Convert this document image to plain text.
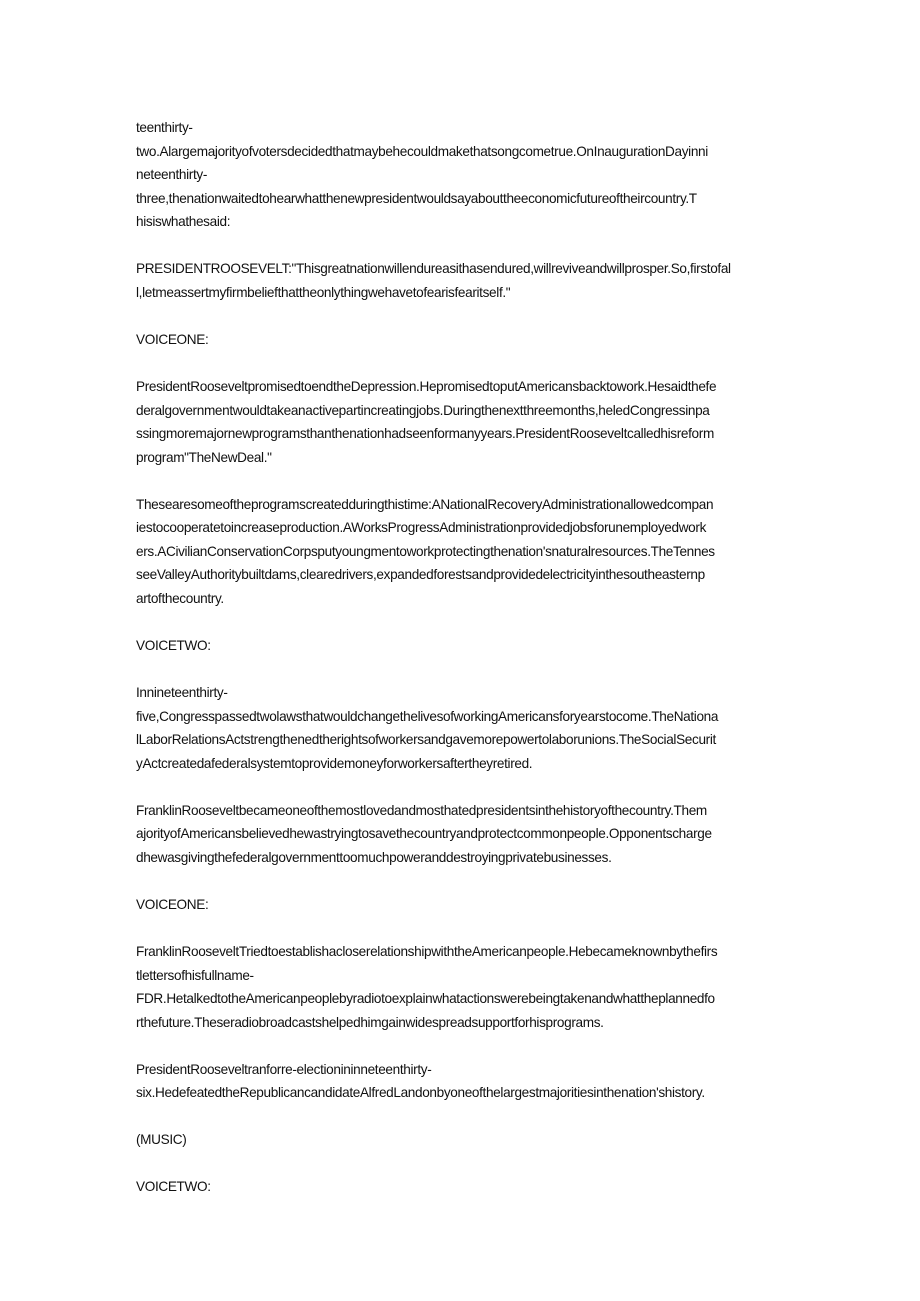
teenthirty-
two.Alargemajorityofvotersdecidedthatmaybehecouldmakethatsongcometrue.OnInaugurationDayinni
neteenthirty-
three,thenationwaitedtohearwhatthenewpresidentwouldsayabouttheeconomicfutureoftheircountry.T
hisiswhathesaid:

PRESIDENTROOSEVELT:"Thisgreatnationwillendureasithasendured,willreviveandwillprosper.So,firstofal
l,letmeassertmyfirmbeliefthattheonlythingwehavetofearisfearitself."

VOICEONE:

PresidentRooseveltpromisedtoendtheDepression.HepromisedtoputAmericansbacktowork.Hesaidthefe
deralgovernmentwouldtakeanactivepartincreatingjobs.Duringthenextthreemonths,heledCongressinpa
ssingmoremajornewprogramsthanthenationhadseenformanyyears.PresidentRooseveltcalledhisreform
program"TheNewDeal."

Thesearesomeoftheprogramscreatedduringthistime:ANationalRecoveryAdministrationallowedcompan
iestocooperatetoincreaseproduction.AWorksProgressAdministrationprovidedjobsforunemployedwork
ers.ACivilianConservationCorpsputyoungmentoworkprotectingthenation'snaturalresources.TheTennes
seeValleyAuthoritybuiltdams,clearedrivers,expandedforestsandprovidedelectricityinthesoutheasternp
artofthecountry.

VOICETWO:

Innineteenthirty-
five,CongresspassedtwolawsthatwouldchangethelivesofworkingAmericansforyearstocome.TheNationa
lLaborRelationsActstrengthenedtherightsofworkersandgavemorepowertolaborunions.TheSocialSecurit
yActcreatedafederalsystemtoprovidemoneyforworkersaftertheyretired.

FranklinRooseveltbecameoneofthemostlovedandmosthatedpresidentsinthehistoryofthecountry.Them
ajorityofAmericansbelievedhewastryingtosavethecountryandprotectcommonpeople.Opponentscharge
dhewasgivingthefederalgovernmenttoomuchpoweranddestroyingprivatebusinesses.

VOICEONE:

FranklinRooseveltTriedtoestablishacloserelationshipwiththeAmericanpeople.Hebecameknownbythefirs
tlettersofhisfullname-
FDR.HetalkedtotheAmericanpeoplebyradiotoexplainwhatactionswerebeingtakenandwhattheplannedfo
rthefuture.Theseradiobroadcastshelpedhimgainwidespreadsupportforhisprograms.

PresidentRooseveltranforre-electionininneteenthirty-
six.HedefeatedtheRepublicancandidateAlfredLandonbyoneofthelargestmajoritiesinthenation'shistory.

(MUSIC)

VOICETWO:
